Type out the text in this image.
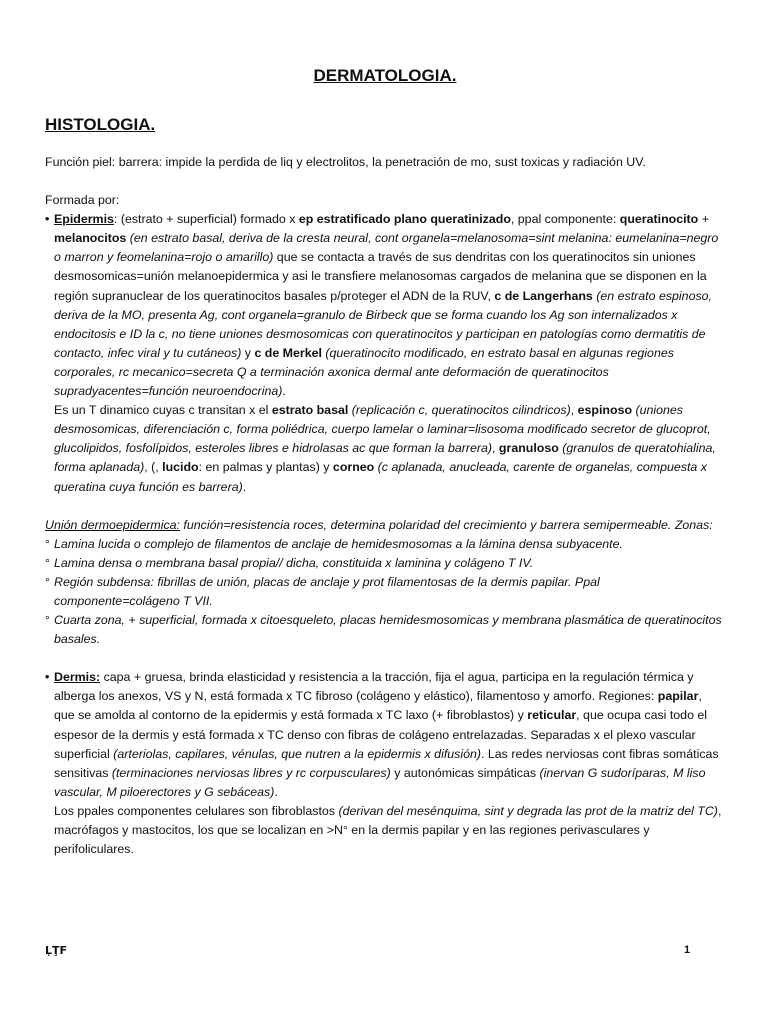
DERMATOLOGIA.
HISTOLOGIA.

Función piel: barrera: impide la perdida de liq y electrolitos, la penetración de mo, sust toxicas y radiación UV.

Formada por:

• Epidermis: (estrato + superficial) formado x ep estratificado plano queratinizado, ppal componente: queratinocito + melanocitos (en estrato basal, deriva de la cresta neural, cont organela=melanosoma=sint melanina: eumelanina=negro o marron y feomelanina=rojo o amarillo) que se contacta a través de sus dendritas con los queratinocitos sin uniones desmosomicas=unión melanoepidermica y asi le transfiere melanosomas cargados de melanina que se disponen en la región supranuclear de los queratinocitos basales p/proteger el ADN de la RUV, c de Langerhans (en estrato espinoso, deriva de la MO, presenta Ag, cont organela=granulo de Birbeck que se forma cuando los Ag son internalizados x endocitosis e ID la c, no tiene uniones desmosomicas con queratinocitos y participan en patologías como dermatitis de contacto, infec viral y tu cutáneos) y c de Merkel (queratinocito modificado, en estrato basal en algunas regiones corporales, rc mecanico=secreta Q a terminación axonica dermal ante deformación de queratinocitos supradyacentes=función neuroendocrina).

Es un T dinamico cuyas c transitan x el estrato basal (replicación c, queratinocitos cilindricos), espinoso (uniones desmosomicas, diferenciación c, forma poliédrica, cuerpo lamelar o laminar=lisosoma modificado secretor de glucoprot, glucolipidos, fosfolípidos, esteroles libres e hidrolasas ac que forman la barrera), granuloso (granulos de queratohialina, forma aplanada), (, lucido: en palmas y plantas) y corneo (c aplanada, anucleada, carente de organelas, compuesta x queratina cuya función es barrera).

Unión dermoepidermica: función=resistencia roces, determina polaridad del crecimiento y barrera semipermeable. Zonas:

° Lamina lucida o complejo de filamentos de anclaje de hemidesmosomas a la lámina densa subyacente.

° Lamina densa o membrana basal propia// dicha, constituida x laminina y colágeno T IV.

° Región subdensa: fibrillas de unión, placas de anclaje y prot filamentosas de la dermis papilar. Ppal componente=colágeno T VII.

° Cuarta zona, + superficial, formada x citoesqueleto, placas hemidesmosomicas y membrana plasmática de queratinocitos basales.

• Dermis: capa + gruesa, brinda elasticidad y resistencia a la tracción, fija el agua, participa en la regulación térmica y alberga los anexos, VS y N, está formada x TC fibroso (colágeno y elástico), filamentoso y amorfo. Regiones: papilar, que se amolda al contorno de la epidermis y está formada x TC laxo (+ fibroblastos) y reticular, que ocupa casi todo el espesor de la dermis y está formada x TC denso con fibras de colágeno entrelazadas. Separadas x el plexo vascular superficial (arteriolas, capilares, vénulas, que nutren a la epidermis x difusión). Las redes nerviosas cont fibras somáticas sensitivas (terminaciones nerviosas libres y rc corpusculares) y autonómicas simpáticas (inervan G sudoríparas, M liso vascular, M piloerectores y G sebáceas).

Los ppales componentes celulares son fibroblastos (derivan del mesénquima, sint y degrada las prot de la matriz del TC), macrófagos y mastocitos, los que se localizan en >N° en la dermis papilar y en las regiones perivasculares y perifoliculares.

ĻŢF	1
